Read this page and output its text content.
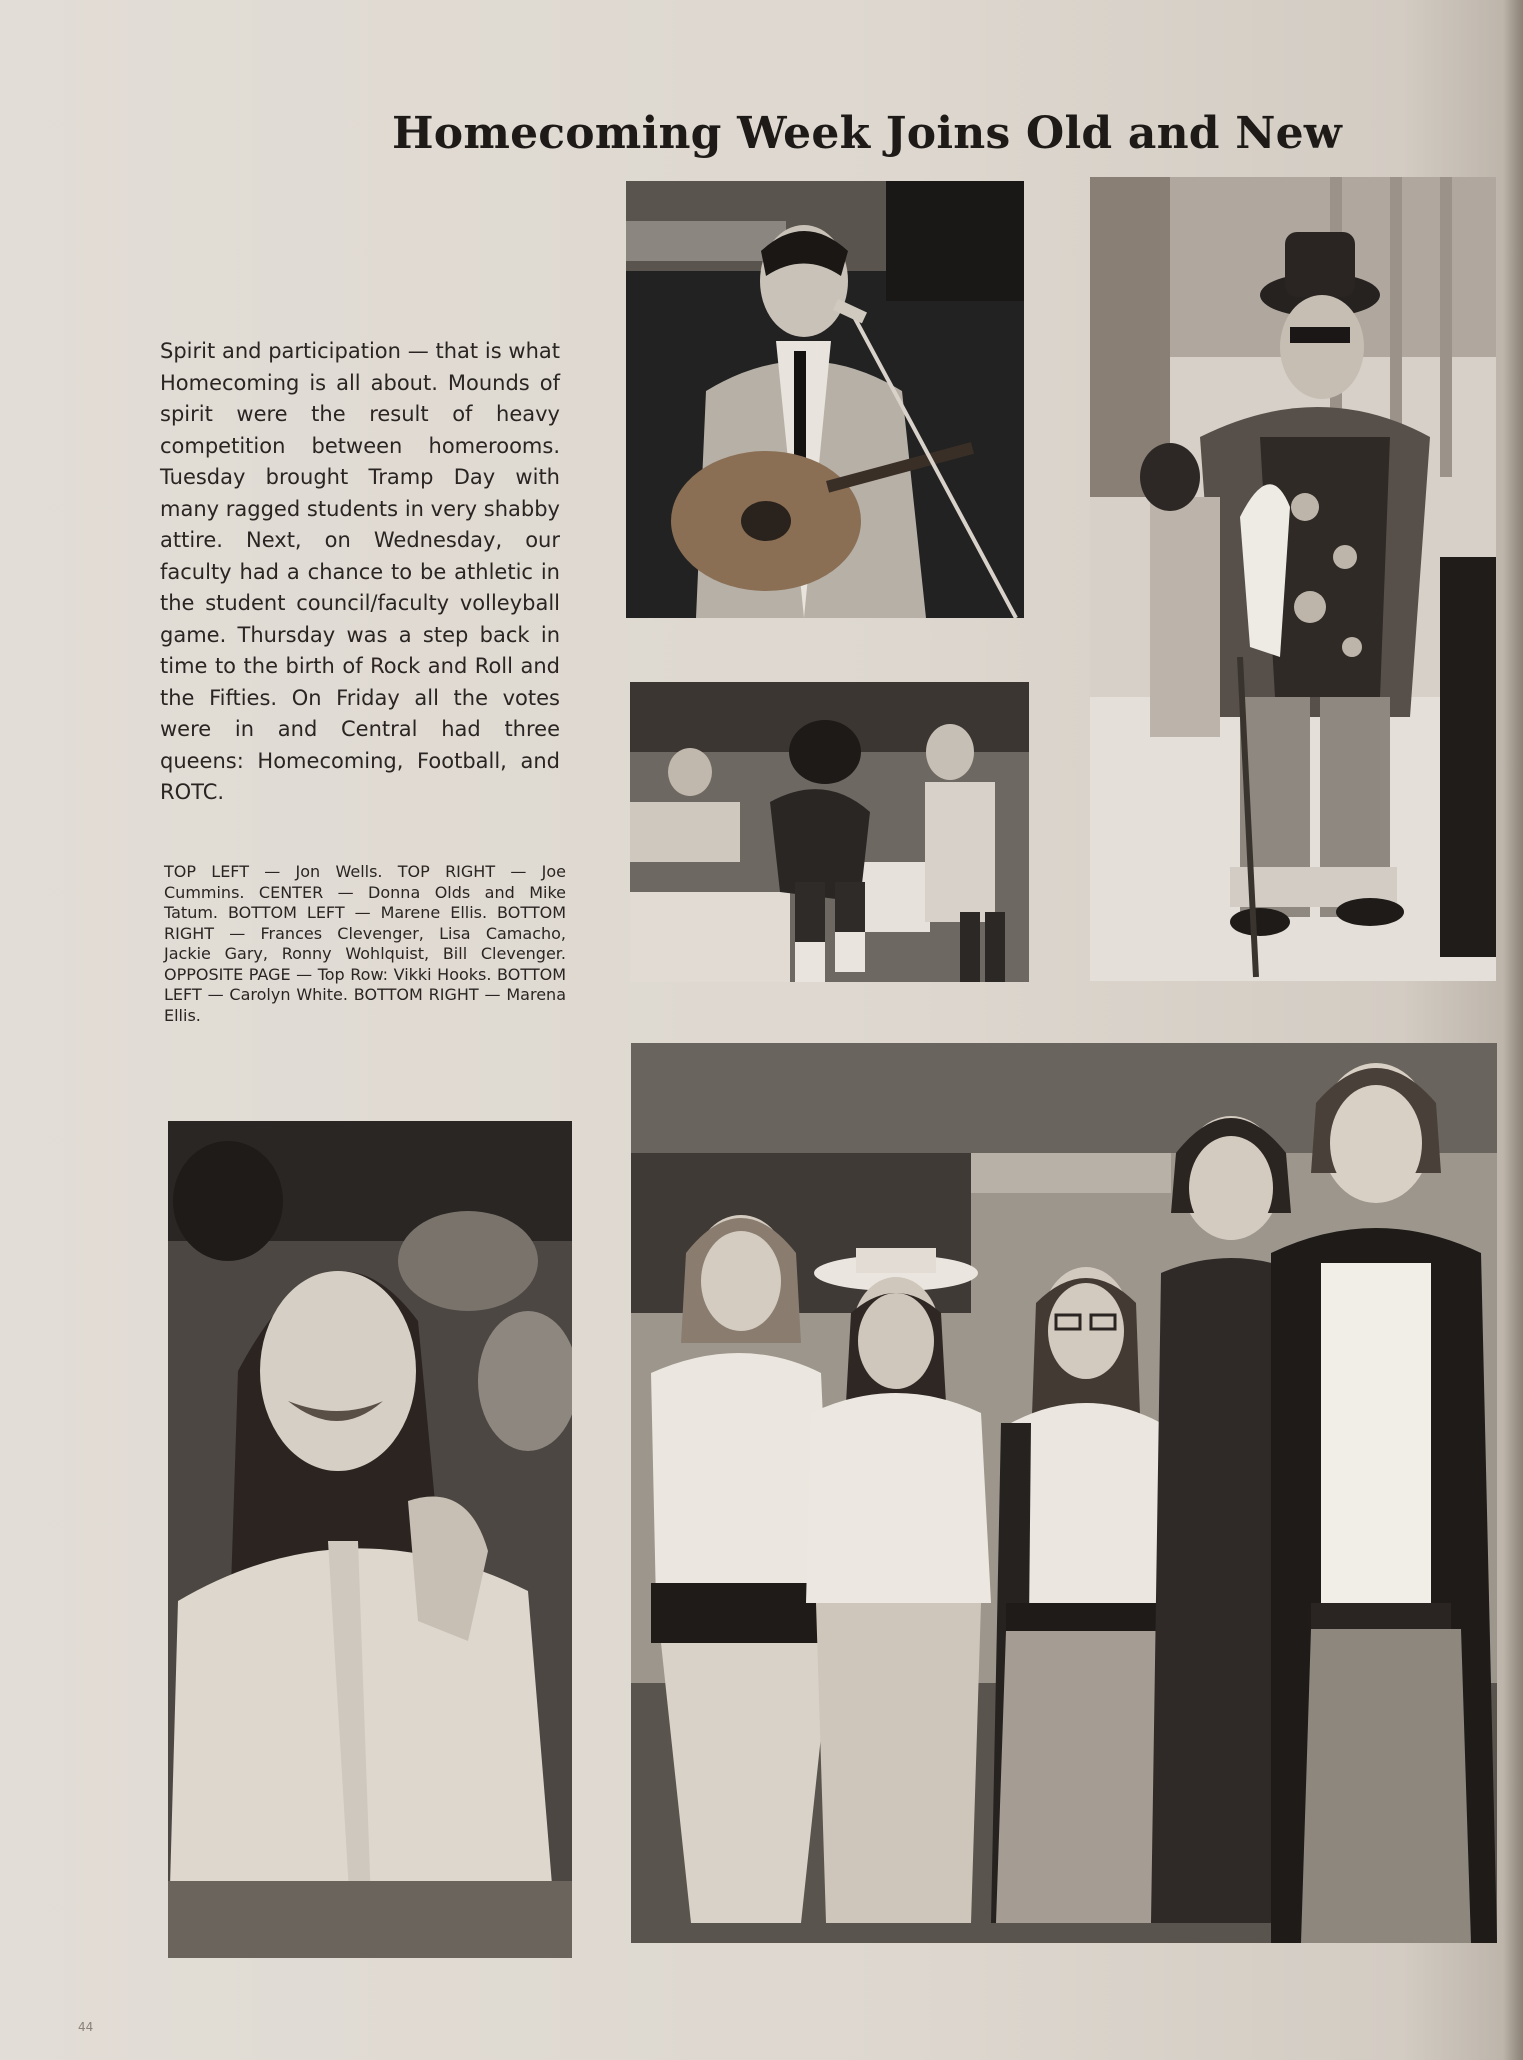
Homecoming Week Joins Old and New
Spirit and participation — that is what Homecoming is all about. Mounds of spirit were the result of heavy competition between homerooms. Tuesday brought Tramp Day with many ragged students in very shabby attire. Next, on Wednesday, our faculty had a chance to be athletic in the student council/faculty volleyball game. Thursday was a step back in time to the birth of Rock and Roll and the Fifties. On Friday all the votes were in and Central had three queens: Homecoming, Football, and ROTC.
TOP LEFT — Jon Wells. TOP RIGHT — Joe Cummins. CENTER — Donna Olds and Mike Tatum. BOTTOM LEFT — Marene Ellis. BOTTOM RIGHT — Frances Clevenger, Lisa Camacho, Jackie Gary, Ronny Wohlquist, Bill Clevenger. OPPOSITE PAGE — Top Row: Vikki Hooks. BOTTOM LEFT — Carolyn White. BOTTOM RIGHT — Marena Ellis.
44
